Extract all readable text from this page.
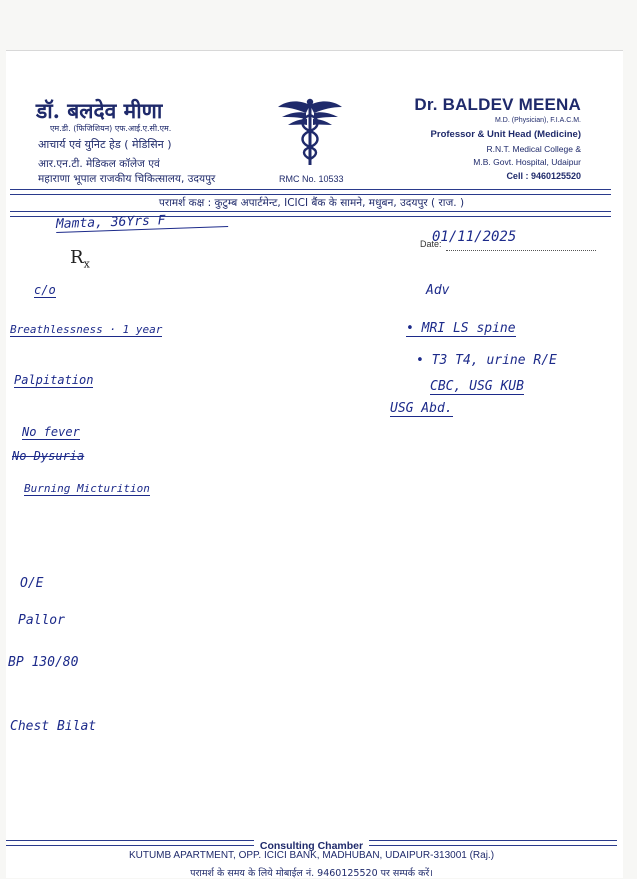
डॉ. बलदेव मीणा
एम.डी. (फिजिशियन) एफ.आई.ए.सी.एम.
आचार्य एवं युनिट हेड ( मेडिसिन )
आर.एन.टी. मेडिकल कॉलेज एवं
महाराणा भूपाल राजकीय चिकित्सालय, उदयपुर	RMC No. 10533
Dr. BALDEV MEENA
M.D. (Physician), F.I.A.C.M.
Professor & Unit Head (Medicine)
R.N.T. Medical College &
M.B. Govt. Hospital, Udaipur
Cell : 9460125520
परामर्श कक्ष : कुटुम्ब अपार्टमेन्ट, ICICI बैंक के सामने, मधुबन, उदयपुर ( राज. )
$R_x$
Date:
Mamta, 36Yrs F
01/11/2025
c/o
Breathlessness · 1 year
Palpitation
No fever
No Dysuria
Burning Micturition
O/E
Pallor
BP 130/80
Chest Bilat
Adv
• MRI LS spine
• T3 T4, urine R/E
CBC, USG KUB
USG Abd.
Consulting Chamber
KUTUMB APARTMENT, OPP. ICICI BANK, MADHUBAN, UDAIPUR-313001 (Raj.)
परामर्श के समय के लिये मोबाईल नं. 9460125520 पर सम्पर्क करें।
